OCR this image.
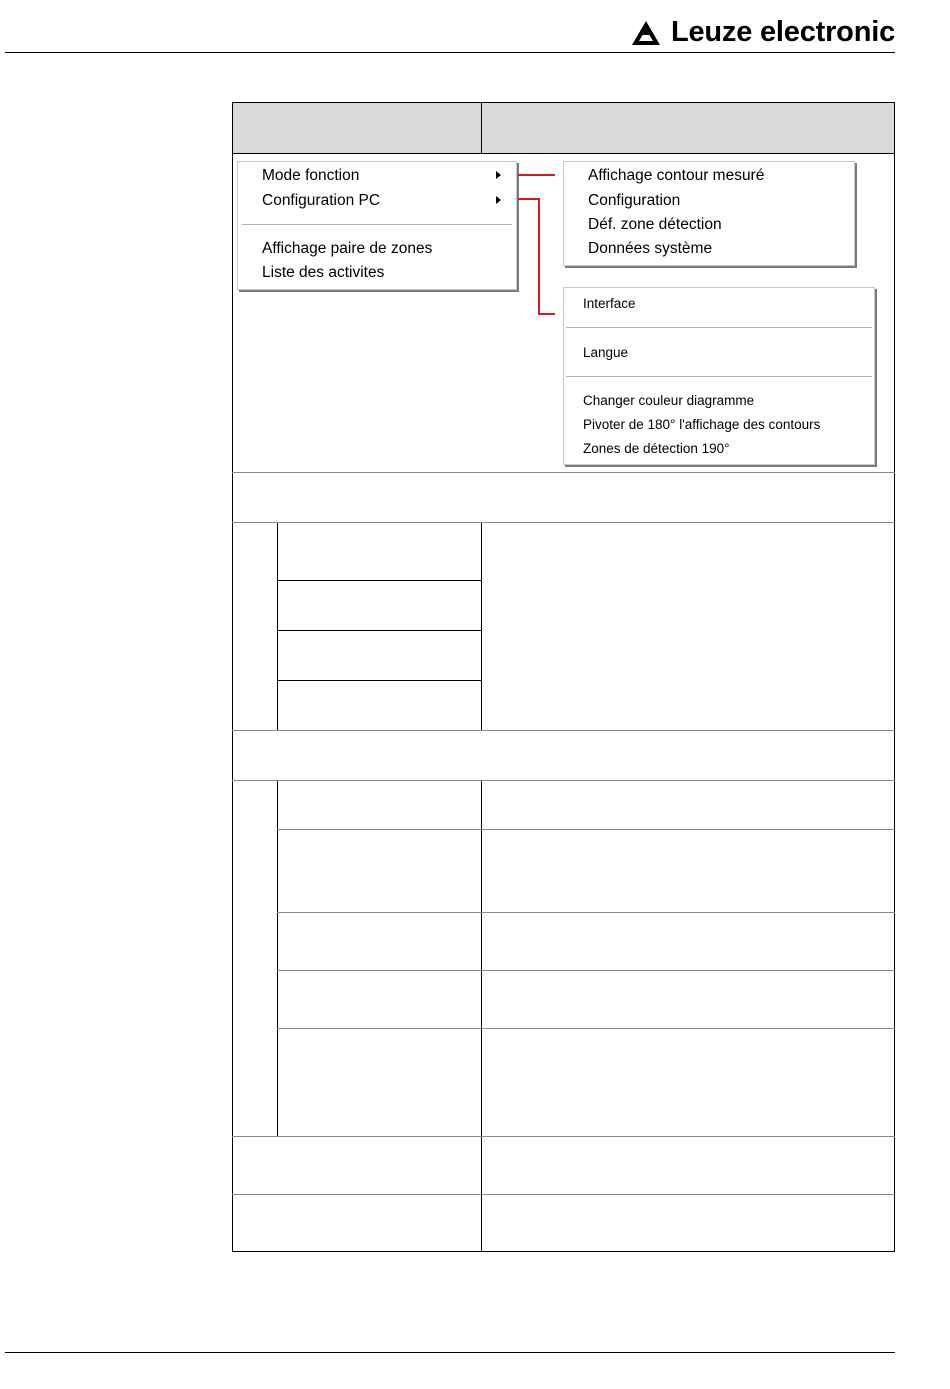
Leuze electronic
Mode fonction
Configuration PC
Affichage paire de zones
Liste des activites
Affichage contour mesuré
Configuration
Déf. zone détection
Données système
Interface
Langue
Changer couleur diagramme
Pivoter de 180° l'affichage des contours
Zones de détection 190°
